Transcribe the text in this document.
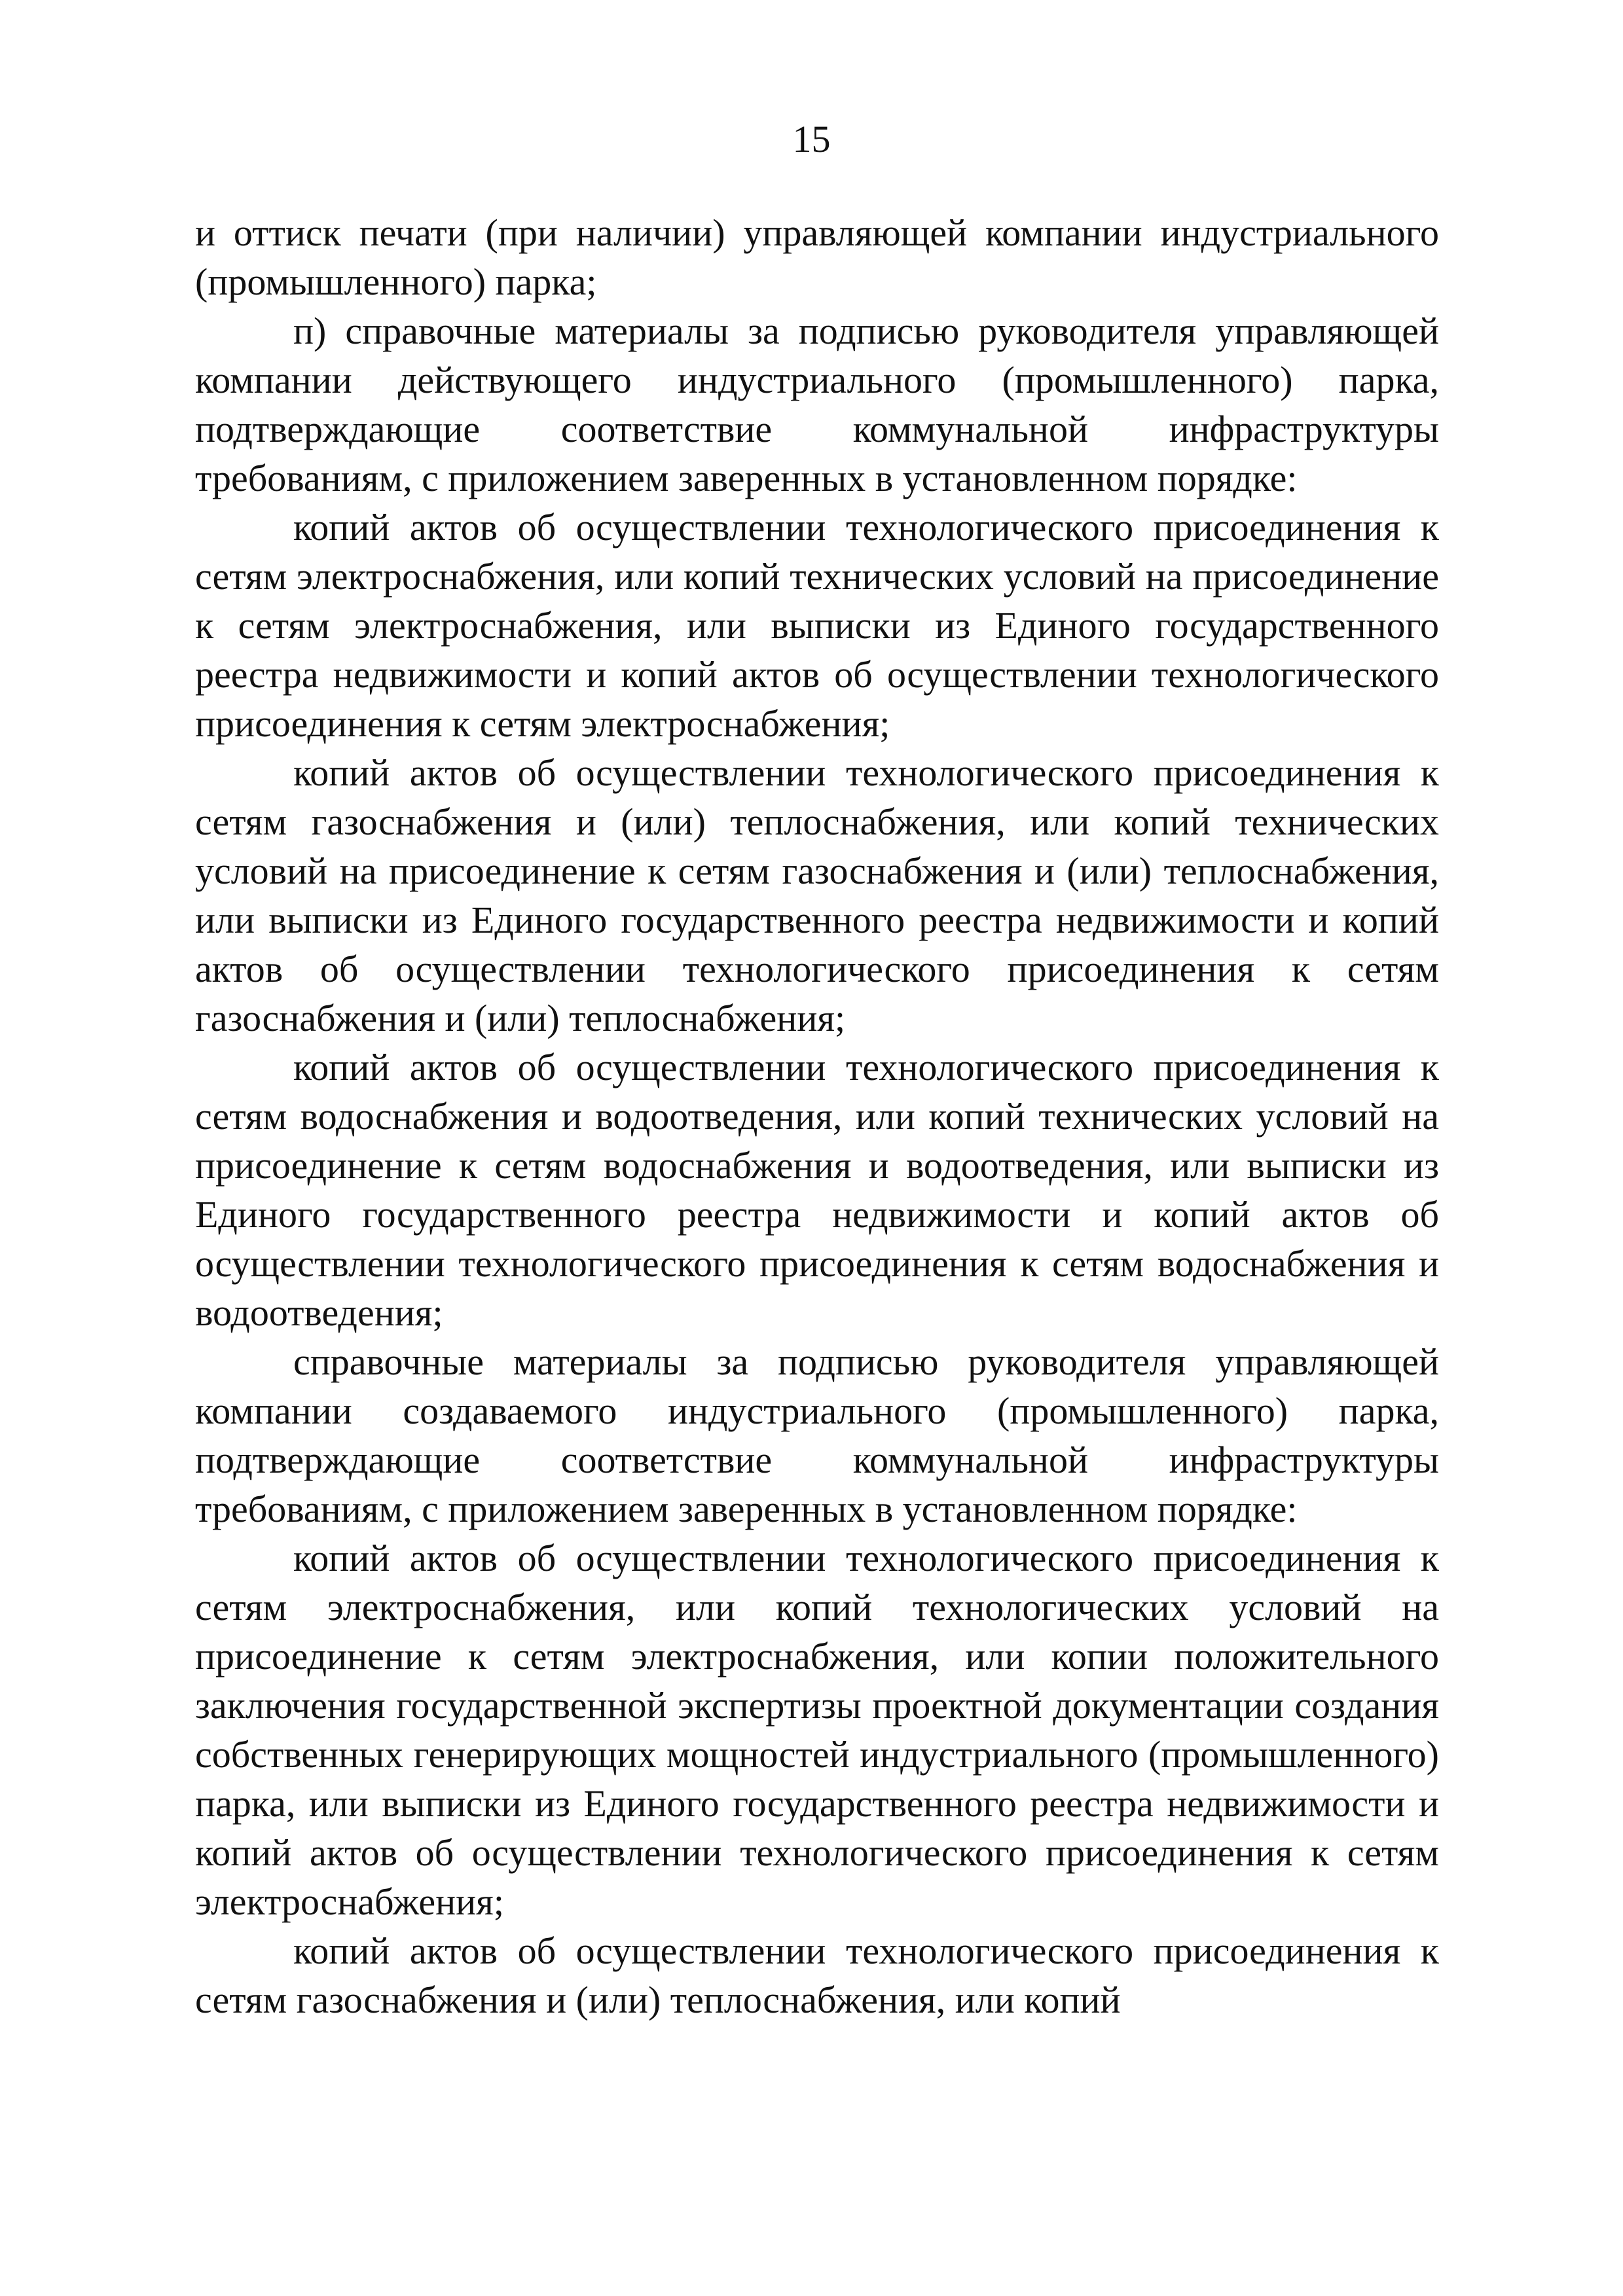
15

и оттиск печати (при наличии) управляющей компании индустриального (промышленного) парка;

п) справочные материалы за подписью руководителя управляющей компании действующего индустриального (промышленного) парка, подтверждающие соответствие коммунальной инфраструктуры требованиям, с приложением заверенных в установленном порядке:

копий актов об осуществлении технологического присоединения к сетям электроснабжения, или копий технических условий на присоединение к сетям электроснабжения, или выписки из Единого государственного реестра недвижимости и копий актов об осуществлении технологического присоединения к сетям электроснабжения;

копий актов об осуществлении технологического присоединения к сетям газоснабжения и (или) теплоснабжения, или копий технических условий на присоединение к сетям газоснабжения и (или) теплоснабжения, или выписки из Единого государственного реестра недвижимости и копий актов об осуществлении технологического присоединения к сетям газоснабжения и (или) теплоснабжения;

копий актов об осуществлении технологического присоединения к сетям водоснабжения и водоотведения, или копий технических условий на присоединение к сетям водоснабжения и водоотведения, или выписки из Единого государственного реестра недвижимости и копий актов об осуществлении технологического присоединения к сетям водоснабжения и водоотведения;

справочные материалы за подписью руководителя управляющей компании создаваемого индустриального (промышленного) парка, подтверждающие соответствие коммунальной инфраструктуры требованиям, с приложением заверенных в установленном порядке:

копий актов об осуществлении технологического присоединения к сетям электроснабжения, или копий технологических условий на присоединение к сетям электроснабжения, или копии положительного заключения государственной экспертизы проектной документации создания собственных генерирующих мощностей индустриального (промышленного) парка, или выписки из Единого государственного реестра недвижимости и копий актов об осуществлении технологического присоединения к сетям электроснабжения;

копий актов об осуществлении технологического присоединения к сетям газоснабжения и (или) теплоснабжения, или копий
